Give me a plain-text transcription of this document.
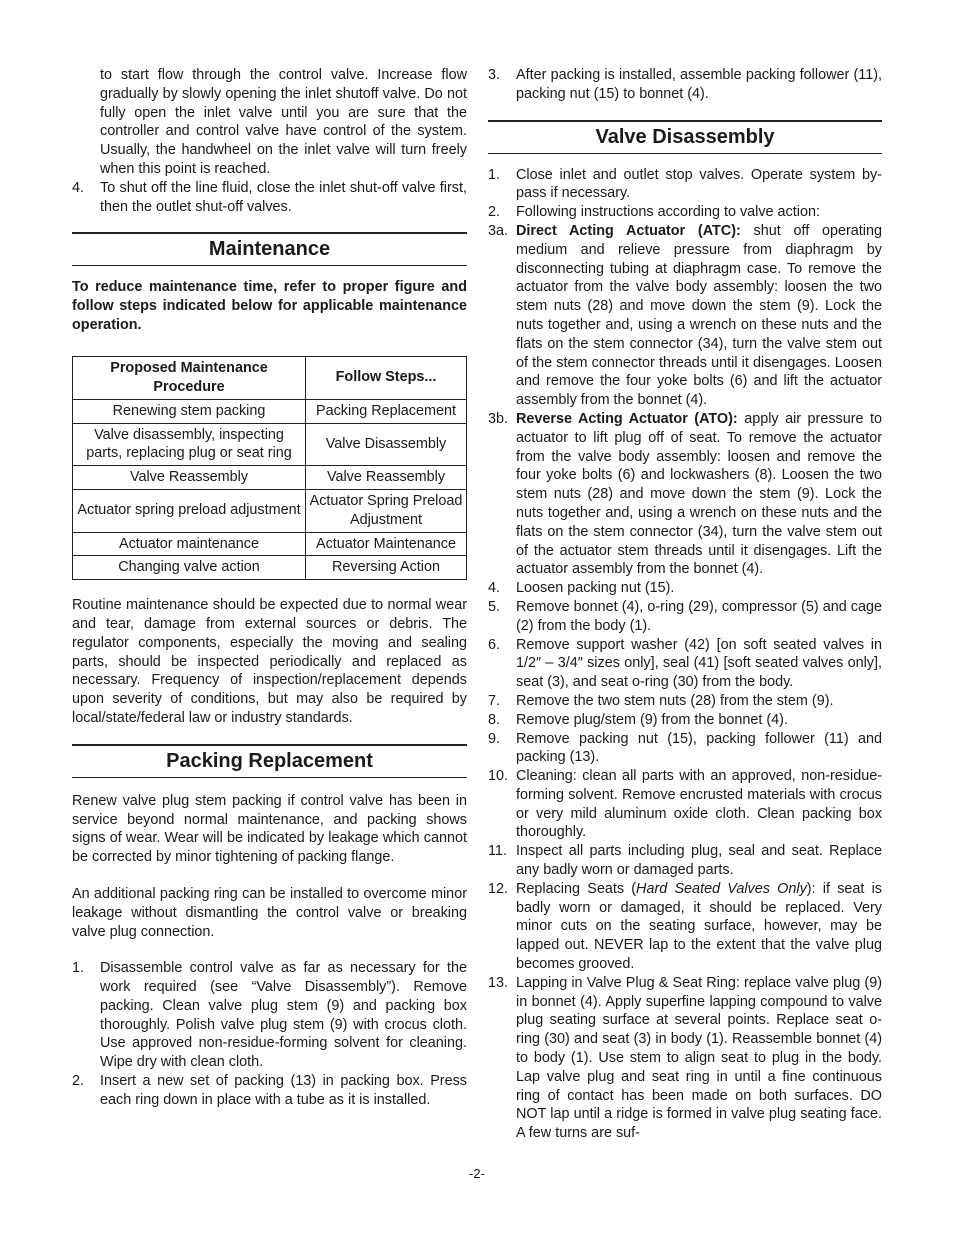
to start flow through the control valve. Increase flow gradually by slowly opening the inlet shutoff valve. Do not fully open the inlet valve until you are sure that the controller and control valve have control of the system. Usually, the handwheel on the inlet valve will turn freely when this point is reached.

4. To shut off the line fluid, close the inlet shut-off valve first, then the outlet shut-off valves.
Maintenance

To reduce maintenance time, refer to proper figure and follow steps indicated below for applicable maintenance operation.

Proposed Maintenance Procedure	Follow Steps...
Renewing stem packing	Packing Replacement
Valve disassembly, inspecting parts, replacing plug or seat ring	Valve Disassembly
Valve Reassembly	Valve Reassembly
Actuator spring preload adjustment	Actuator Spring Preload Adjustment
Actuator maintenance	Actuator Maintenance
Changing valve action	Reversing Action

Routine maintenance should be expected due to normal wear and tear, damage from external sources or debris. The regulator components, especially the moving and sealing parts, should be inspected periodically and replaced as necessary. Frequency of inspection/replacement depends upon severity of conditions, but may also be required by local/state/federal law or industry standards.

Packing Replacement

Renew valve plug stem packing if control valve has been in service beyond normal maintenance, and packing shows signs of wear. Wear will be indicated by leakage which cannot be corrected by minor tightening of packing flange.

An additional packing ring can be installed to overcome minor leakage without dismantling the control valve or breaking valve plug connection.

1. Disassemble control valve as far as necessary for the work required (see “Valve Disassembly”). Remove packing. Clean valve plug stem (9) and packing box thoroughly. Polish valve plug stem (9) with crocus cloth. Use approved non-residue-forming solvent for cleaning. Wipe dry with clean cloth.
2. Insert a new set of packing (13) in packing box. Press each ring down in place with a tube as it is installed.
3. After packing is installed, assemble packing follower (11), packing nut (15) to bonnet (4).
Valve Disassembly
1. Close inlet and outlet stop valves. Operate system by-pass if necessary.
2. Following instructions according to valve action:
3a. Direct Acting Actuator (ATC): shut off operating medium and relieve pressure from diaphragm by disconnecting tubing at diaphragm case. To remove the actuator from the valve body assembly: loosen the two stem nuts (28) and move down the stem (9). Lock the nuts together and, using a wrench on these nuts and the flats on the stem connector (34), turn the valve stem out of the stem connector threads until it disengages. Loosen and remove the four yoke bolts (6) and lift the actuator assembly from the bonnet (4).
3b. Reverse Acting Actuator (ATO): apply air pressure to actuator to lift plug off of seat. To remove the actuator from the valve body assembly: loosen and remove the four yoke bolts (6) and lockwashers (8). Loosen the two stem nuts (28) and move down the stem (9). Lock the nuts together and, using a wrench on these nuts and the flats on the stem connector (34), turn the valve stem out of the actuator stem threads until it disengages. Lift the actuator assembly from the bonnet (4).
4. Loosen packing nut (15).
5. Remove bonnet (4), o-ring (29), compressor (5) and cage (2) from the body (1).
6. Remove support washer (42) [on soft seated valves in 1/2″ – 3/4″ sizes only], seal (41) [soft seated valves only], seat (3), and seat o-ring (30) from the body.
7. Remove the two stem nuts (28) from the stem (9).
8. Remove plug/stem (9) from the bonnet (4).
9. Remove packing nut (15), packing follower (11) and packing (13).
10. Cleaning: clean all parts with an approved, non-residue-forming solvent. Remove encrusted materials with crocus or very mild aluminum oxide cloth. Clean packing box thoroughly.
11. Inspect all parts including plug, seal and seat. Replace any badly worn or damaged parts.
12. Replacing Seats (Hard Seated Valves Only): if seat is badly worn or damaged, it should be replaced. Very minor cuts on the seating surface, however, may be lapped out. NEVER lap to the extent that the valve plug becomes grooved.
13. Lapping in Valve Plug & Seat Ring: replace valve plug (9) in bonnet (4). Apply superfine lapping compound to valve plug seating surface at several points. Replace seat o-ring (30) and seat (3) in body (1). Reassemble bonnet (4) to body (1). Use stem to align seat to plug in the body. Lap valve plug and seat ring in until a fine continuous ring of contact has been made on both surfaces. DO NOT lap until a ridge is formed in valve plug seating face. A few turns are suf-
-2-
